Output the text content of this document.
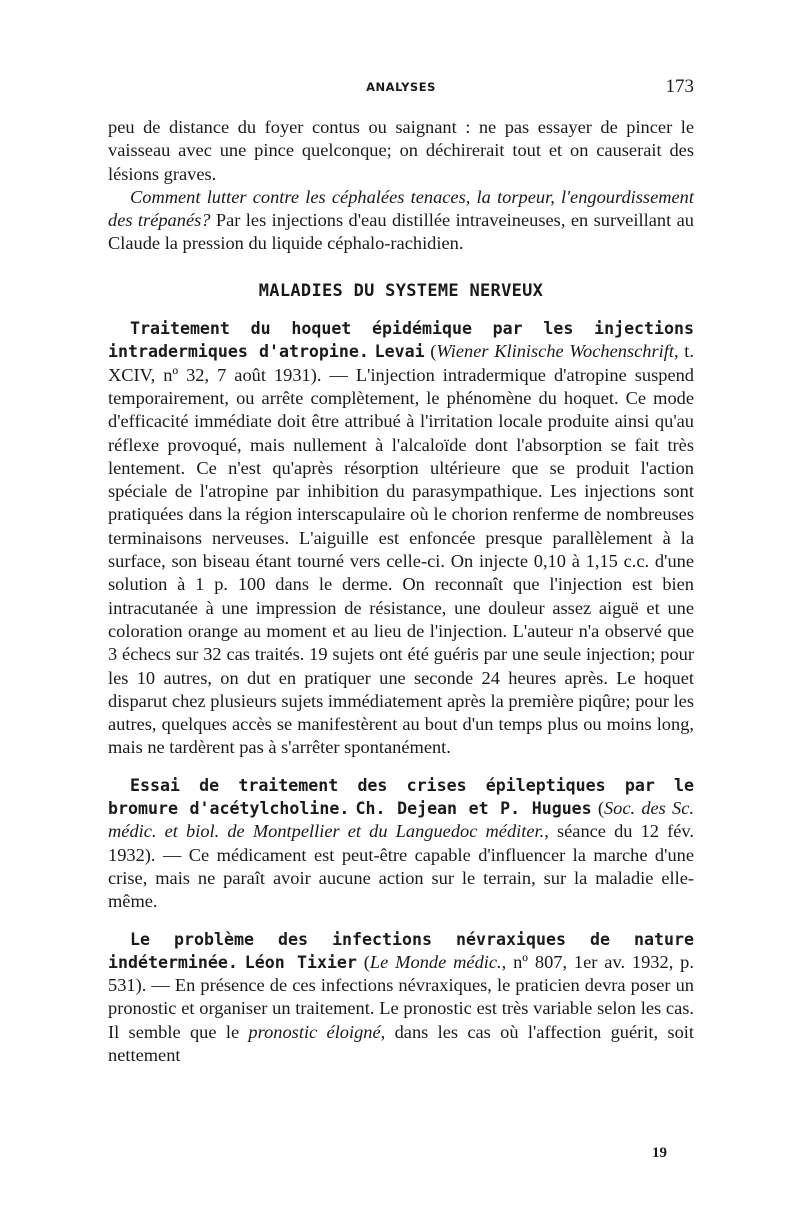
ANALYSES	173

peu de distance du foyer contus ou saignant : ne pas essayer de pincer le vaisseau avec une pince quelconque; on déchirerait tout et on causerait des lésions graves.

Comment lutter contre les céphalées tenaces, la torpeur, l'engourdissement des trépanés? Par les injections d'eau distillée intraveineuses, en surveillant au Claude la pression du liquide céphalo-rachidien.

MALADIES DU SYSTEME NERVEUX

Traitement du hoquet épidémique par les injections intradermiques d'atropine. Levai (Wiener Klinische Wochenschrift, t. XCIV, nº 32, 7 août 1931). — L'injection intradermique d'atropine suspend temporairement, ou arrête complètement, le phénomène du hoquet. Ce mode d'efficacité immédiate doit être attribué à l'irritation locale produite ainsi qu'au réflexe provoqué, mais nullement à l'alcaloïde dont l'absorption se fait très lentement. Ce n'est qu'après résorption ultérieure que se produit l'action spéciale de l'atropine par inhibition du parasympathique. Les injections sont pratiquées dans la région interscapulaire où le chorion renferme de nombreuses terminaisons nerveuses. L'aiguille est enfoncée presque parallèlement à la surface, son biseau étant tourné vers celle-ci. On injecte 0,10 à 1,15 c.c. d'une solution à 1 p. 100 dans le derme. On reconnaît que l'injection est bien intracutanée à une impression de résistance, une douleur assez aiguë et une coloration orange au moment et au lieu de l'injection. L'auteur n'a observé que 3 échecs sur 32 cas traités. 19 sujets ont été guéris par une seule injection; pour les 10 autres, on dut en pratiquer une seconde 24 heures après. Le hoquet disparut chez plusieurs sujets immédiatement après la première piqûre; pour les autres, quelques accès se manifestèrent au bout d'un temps plus ou moins long, mais ne tardèrent pas à s'arrêter spontanément.

Essai de traitement des crises épileptiques par le bromure d'acétylcholine. Ch. Dejean et P. Hugues (Soc. des Sc. médic. et biol. de Montpellier et du Languedoc méditer., séance du 12 fév. 1932). — Ce médicament est peut-être capable d'influencer la marche d'une crise, mais ne paraît avoir aucune action sur le terrain, sur la maladie elle-même.

Le problème des infections névraxiques de nature indéterminée. Léon Tixier (Le Monde médic., nº 807, 1er av. 1932, p. 531). — En présence de ces infections névraxiques, le praticien devra poser un pronostic et organiser un traitement. Le pronostic est très variable selon les cas. Il semble que le pronostic éloigné, dans les cas où l'affection guérit, soit nettement

19
